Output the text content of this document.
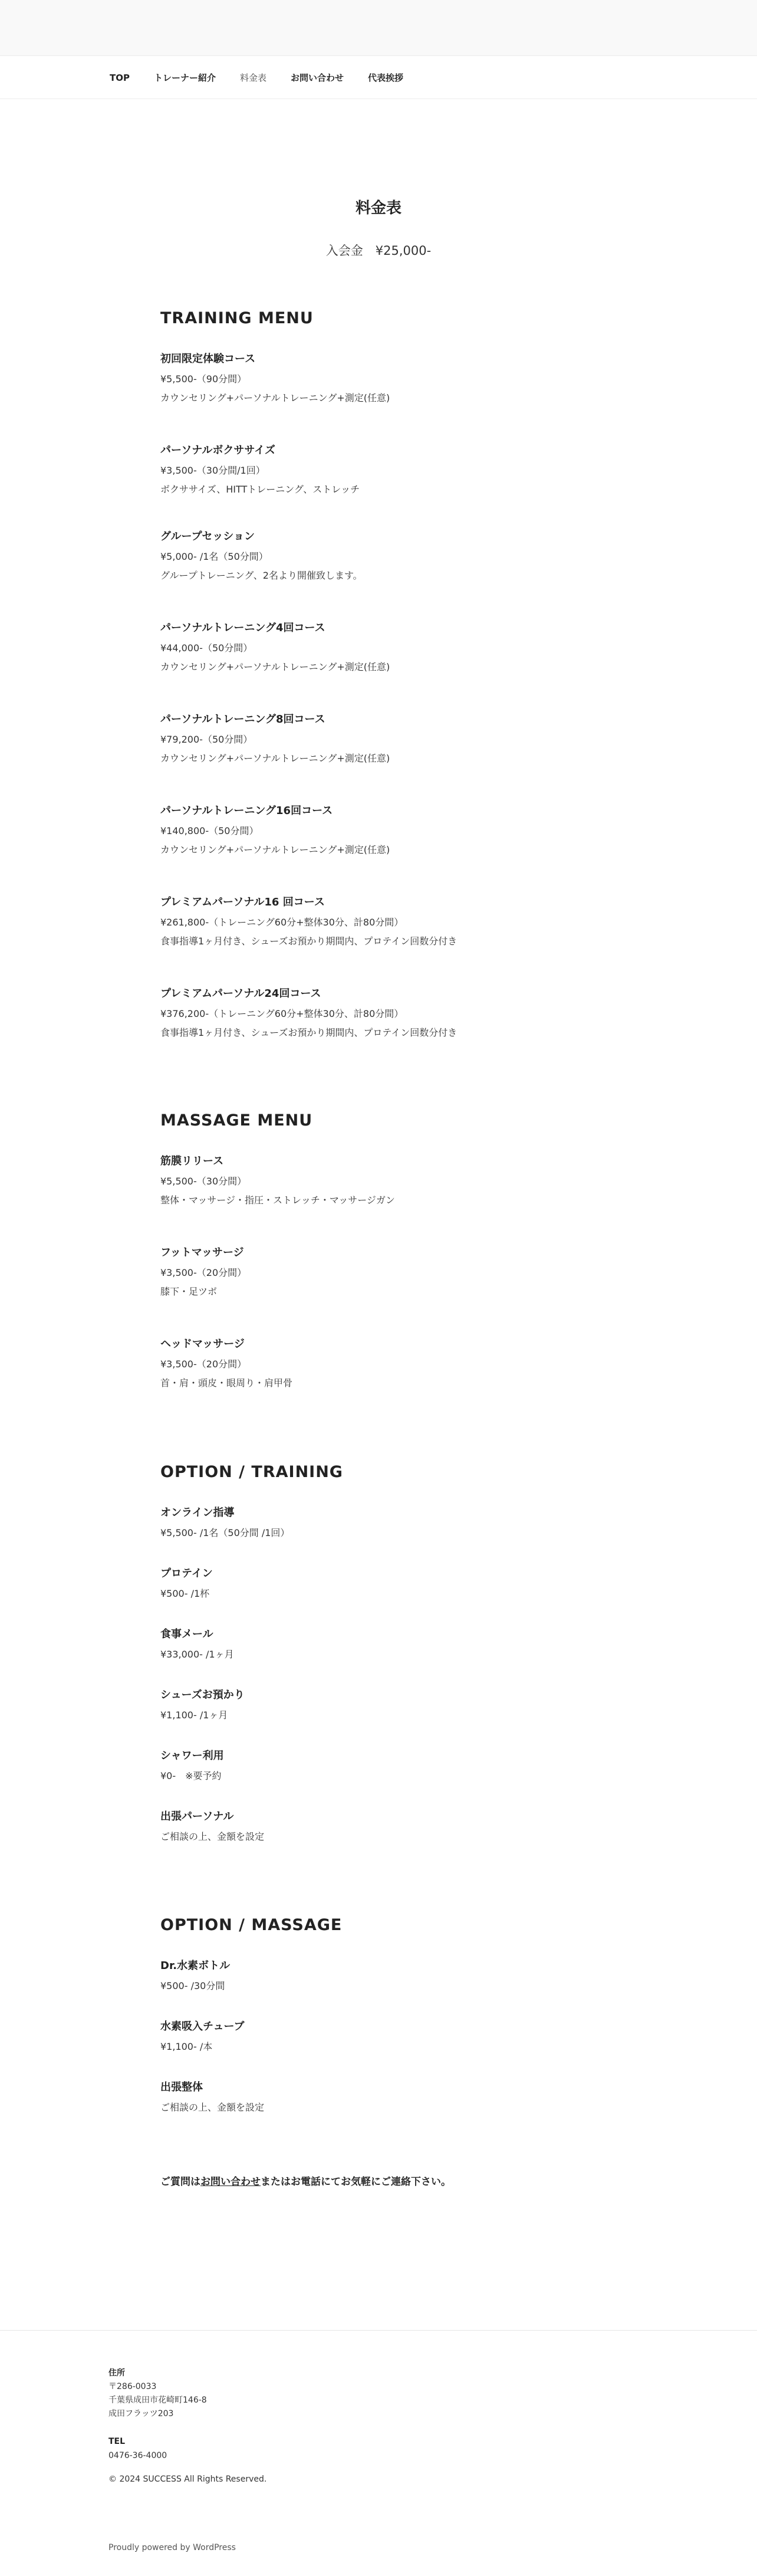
TOP	トレーナー紹介	料金表	お問い合わせ	代表挨拶
料金表

入会金　¥25,000-

TRAINING MENU
初回限定体験コース
¥5,500-（90分間）
カウンセリング+パーソナルトレーニング+測定(任意)
パーソナルボクササイズ
¥3,500-（30分間/1回）
ボクササイズ、HITTトレーニング、ストレッチ
グループセッション
¥5,000- /1名（50分間）
グループトレーニング、2名より開催致します。
パーソナルトレーニング4回コース
¥44,000-（50分間）
カウンセリング+パーソナルトレーニング+測定(任意)
パーソナルトレーニング8回コース
¥79,200-（50分間）
カウンセリング+パーソナルトレーニング+測定(任意)
パーソナルトレーニング16回コース
¥140,800-（50分間）
カウンセリング+パーソナルトレーニング+測定(任意)
プレミアムパーソナル16 回コース
¥261,800-（トレーニング60分+整体30分、計80分間）
食事指導1ヶ月付き、シューズお預かり期間内、プロテイン回数分付き
プレミアムパーソナル24回コース
¥376,200-（トレーニング60分+整体30分、計80分間）
食事指導1ヶ月付き、シューズお預かり期間内、プロテイン回数分付き
MASSAGE MENU
筋膜リリース
¥5,500-（30分間）
整体・マッサージ・指圧・ストレッチ・マッサージガン
フットマッサージ
¥3,500-（20分間）
膝下・足ツボ
ヘッドマッサージ
¥3,500-（20分間）
首・肩・頭皮・眼周り・肩甲骨
OPTION / TRAINING
オンライン指導
¥5,500- /1名（50分間 /1回）
プロテイン
¥500- /1杯
食事メール
¥33,000- /1ヶ月
シューズお預かり
¥1,100- /1ヶ月
シャワー利用
¥0-　※要予約
出張パーソナル
ご相談の上、金額を設定
OPTION / MASSAGE
Dr.水素ボトル
¥500- /30分間
水素吸入チューブ
¥1,100- /本
出張整体
ご相談の上、金額を設定

ご質問はお問い合わせまたはお電話にてお気軽にご連絡下さい。

住所
〒286-0033
千葉県成田市花崎町146-8
成田フラッツ203
TEL
0476-36-4000
© 2024 SUCCESS All Rights Reserved.
Proudly powered by WordPress
